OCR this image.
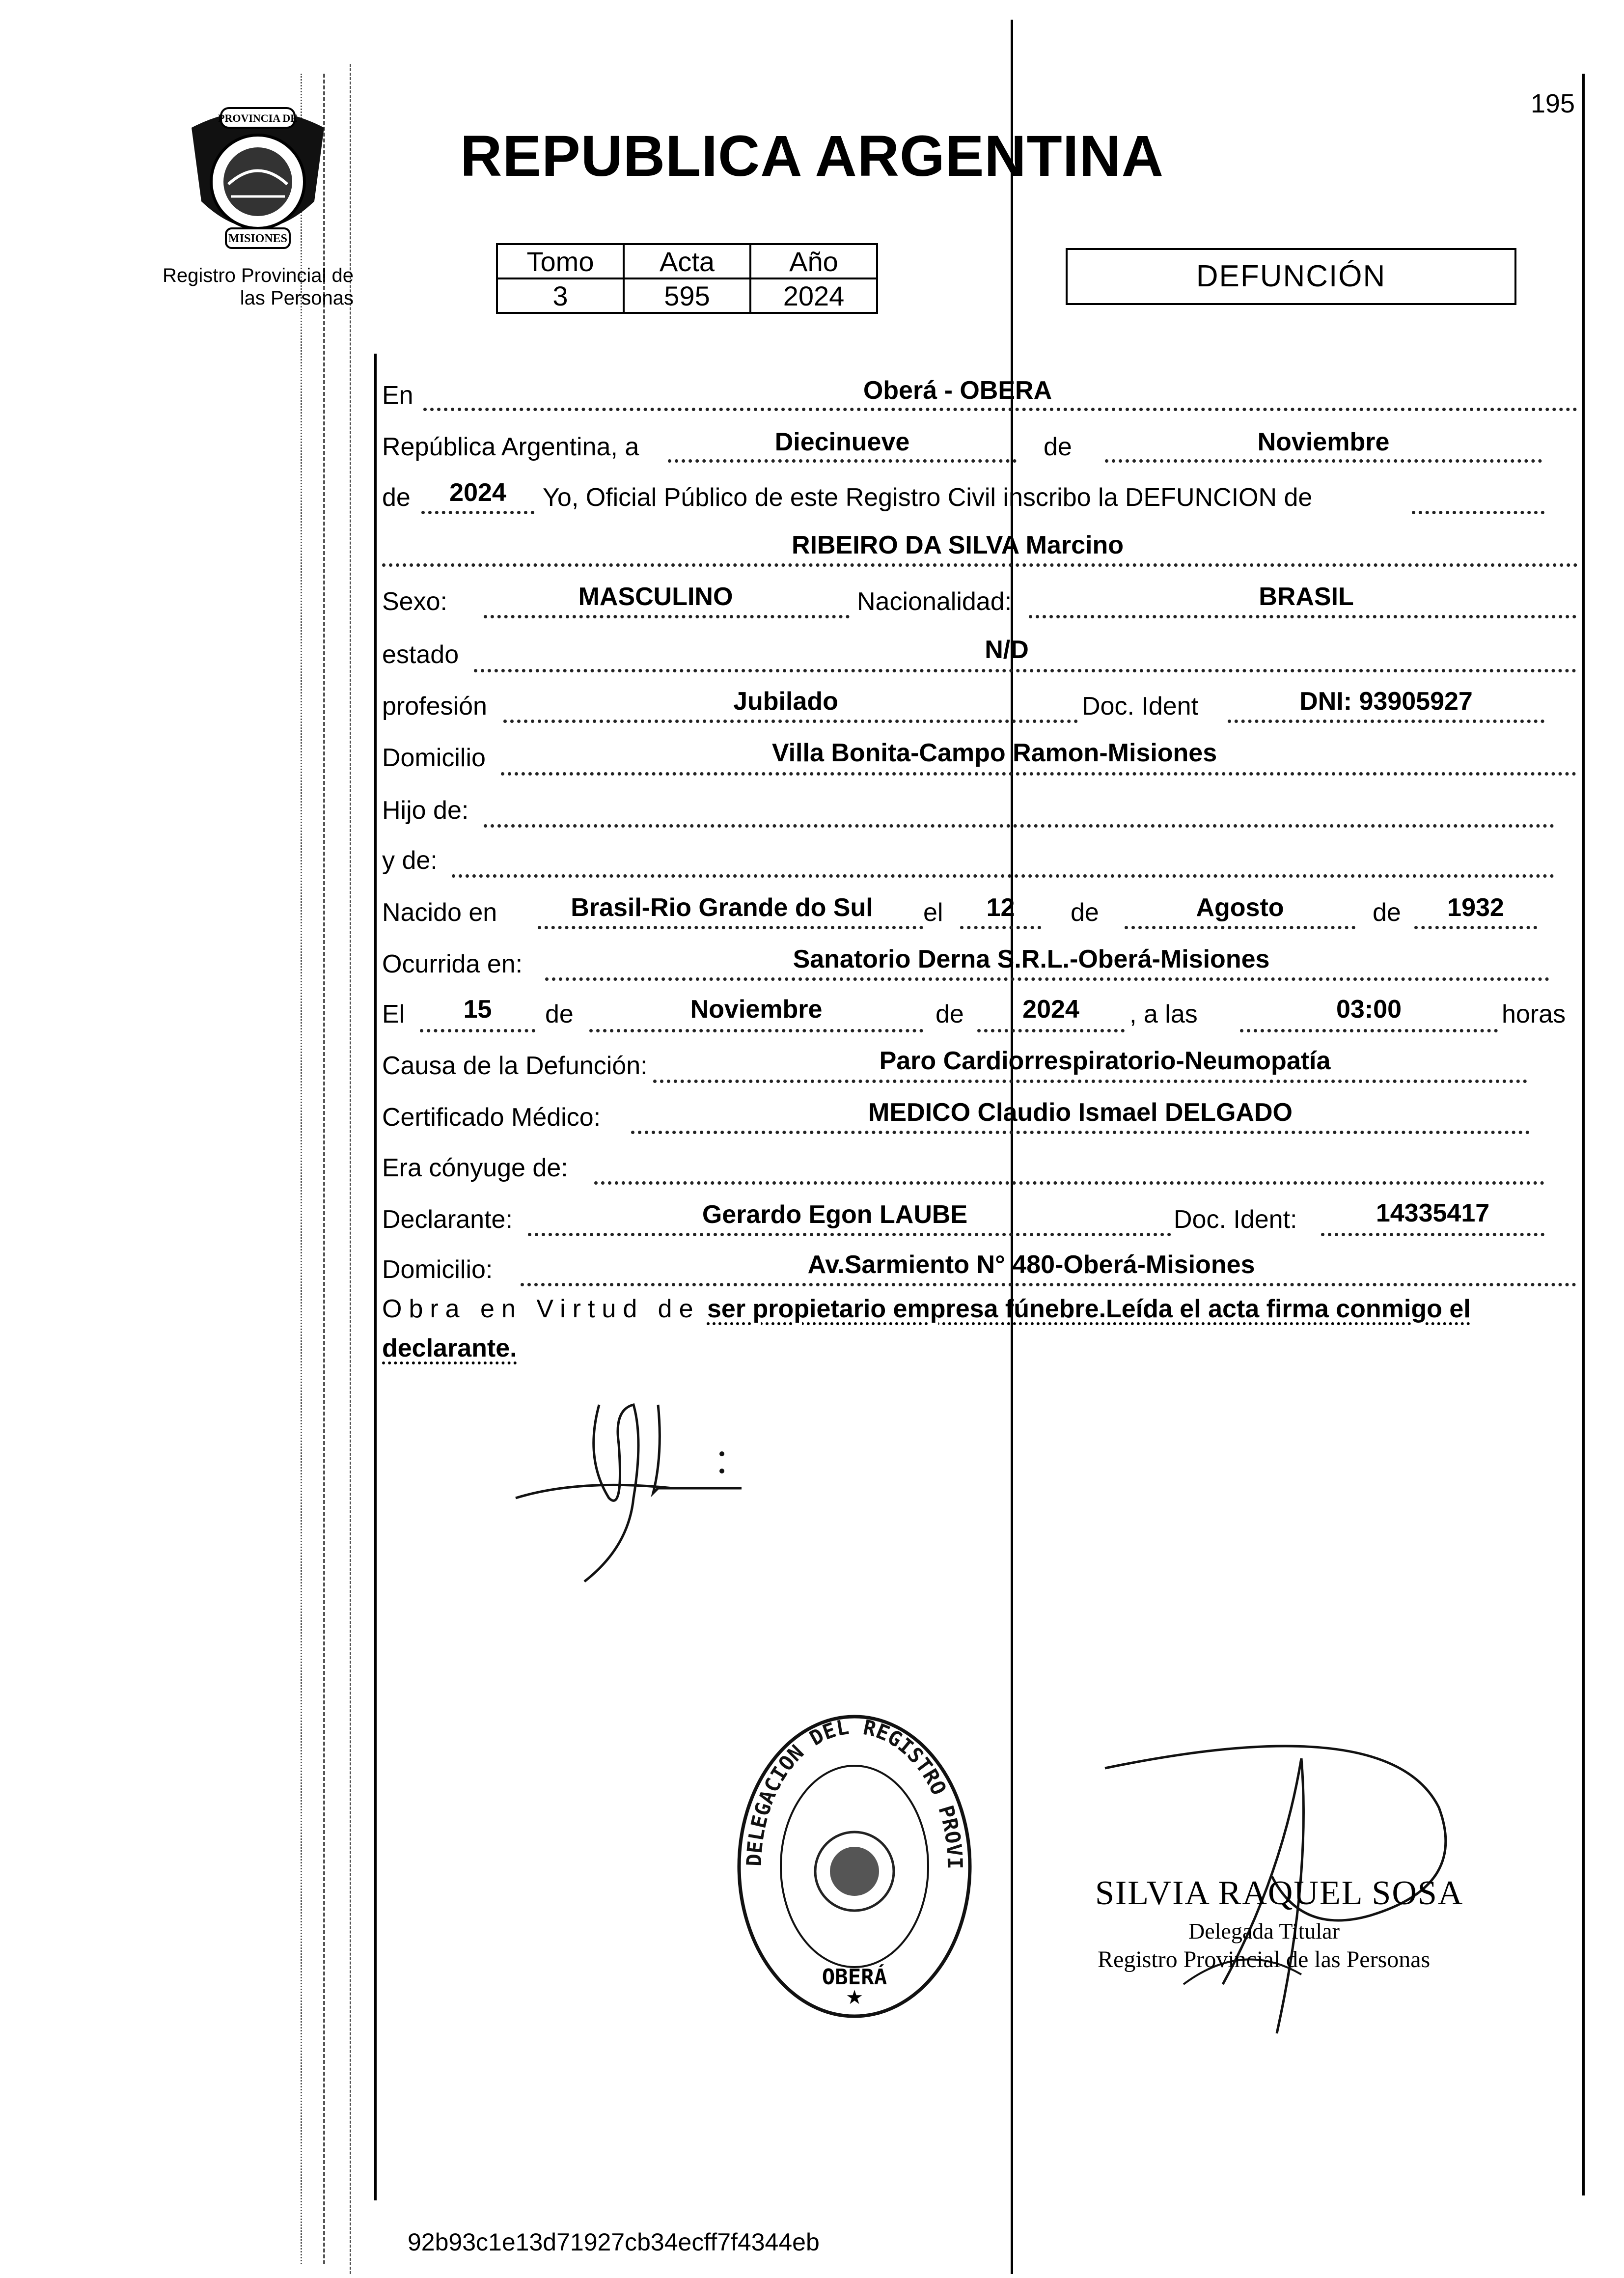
PROVINCIA DE
MISIONES
Registro Provincial de
las Personas
REPUBLICA ARGENTINA
195
Tomo	Acta	Año
3	595	2024
DEFUNCIÓN
En	Oberá - OBERA
República Argentina, a	Diecinueve	de	Noviembre
de	2024	Yo, Oficial Público de este Registro Civil inscribo la DEFUNCION de
RIBEIRO DA SILVA Marcino
Sexo:	MASCULINO	Nacionalidad:	BRASIL
estado	N/D
profesión	Jubilado	Doc. Ident	DNI: 93905927
Domicilio	Villa Bonita-Campo Ramon-Misiones
Hijo de:
y de:
Nacido en	Brasil-Rio Grande do Sul	el	12	de	Agosto	de	1932
Ocurrida en:	Sanatorio Derna S.R.L.-Oberá-Misiones
El	15	de	Noviembre	de	2024	, a las	03:00	horas
Causa de la Defunción:	Paro Cardiorrespiratorio-Neumopatía
Certificado Médico:	MEDICO Claudio Ismael DELGADO
Era cónyuge de:
Declarante:	Gerardo Egon LAUBE	Doc. Ident:	14335417
Domicilio:	Av.Sarmiento N° 480-Oberá-Misiones
Obra en Virtud de ser propietario empresa fúnebre.Leída el acta firma conmigo el
declarante.
DELEGACION DEL REGISTRO PROVI
OBERÁ
★
SILVIA RAQUEL SOSA
Delegada Titular
Registro Provincial de las Personas
92b93c1e13d71927cb34ecff7f4344eb
